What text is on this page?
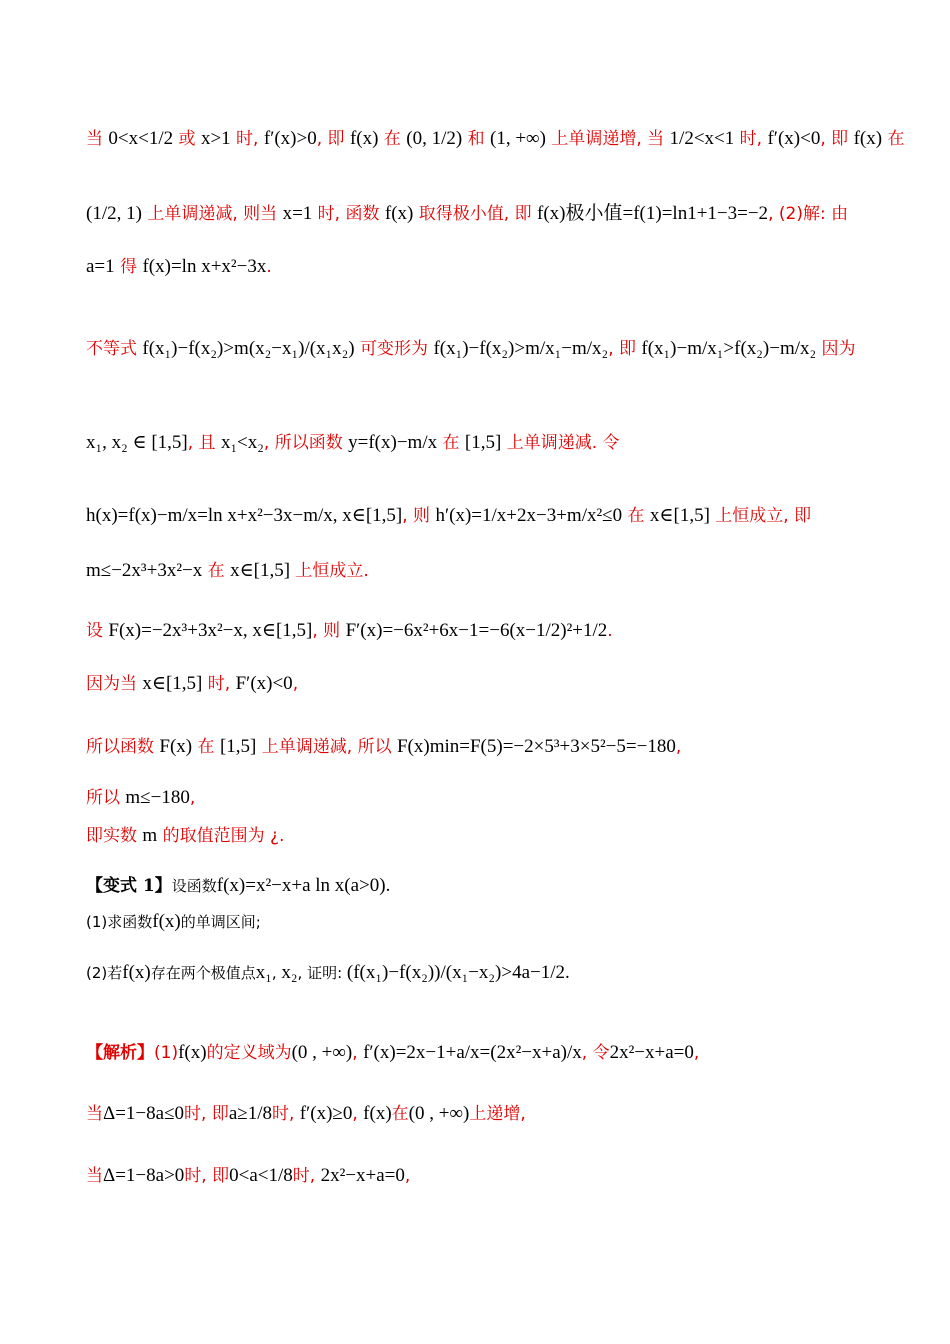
当 0<x<1/2 或 x>1 时, f′(x)>0, 即 f(x) 在 (0, 1/2) 和 (1, +∞) 上单调递增, 当 1/2<x<1 时, f′(x)<0, 即 f(x) 在
(1/2, 1) 上单调递减, 则当 x=1 时, 函数 f(x) 取得极小值, 即 f(x)极小值=f(1)=ln1+1−3=−2, (2)解: 由
a=1 得 f(x)=ln x+x²−3x.
不等式 f(x₁)−f(x₂)>m(x₂−x₁)/(x₁x₂) 可变形为 f(x₁)−f(x₂)>m/x₁−m/x₂, 即 f(x₁)−m/x₁>f(x₂)−m/x₂ 因为
x₁, x₂ ∈ [1,5], 且 x₁<x₂, 所以函数 y=f(x)−m/x 在 [1,5] 上单调递减. 令
h(x)=f(x)−m/x=ln x+x²−3x−m/x, x∈[1,5], 则 h′(x)=1/x+2x−3+m/x²≤0 在 x∈[1,5] 上恒成立, 即
m≤−2x³+3x²−x 在 x∈[1,5] 上恒成立.
设 F(x)=−2x³+3x²−x, x∈[1,5], 则 F′(x)=−6x²+6x−1=−6(x−1/2)²+1/2.
因为当 x∈[1,5] 时, F′(x)<0,
所以函数 F(x) 在 [1,5] 上单调递减, 所以 F(x)min=F(5)=−2×5³+3×5²−5=−180,
所以 m≤−180,
即实数 m 的取值范围为 ¿.
【变式 1】设函数f(x)=x²−x+a ln x(a>0).
(1)求函数f(x)的单调区间;
(2)若f(x)存在两个极值点x₁, x₂, 证明: (f(x₁)−f(x₂))/(x₁−x₂)>4a−1/2.
【解析】(1)f(x)的定义域为(0 , +∞), f′(x)=2x−1+a/x=(2x²−x+a)/x, 令2x²−x+a=0,
当Δ=1−8a≤0时, 即a≥1/8时, f′(x)≥0, f(x)在(0 , +∞)上递增,
当Δ=1−8a>0时, 即0<a<1/8时, 2x²−x+a=0,
